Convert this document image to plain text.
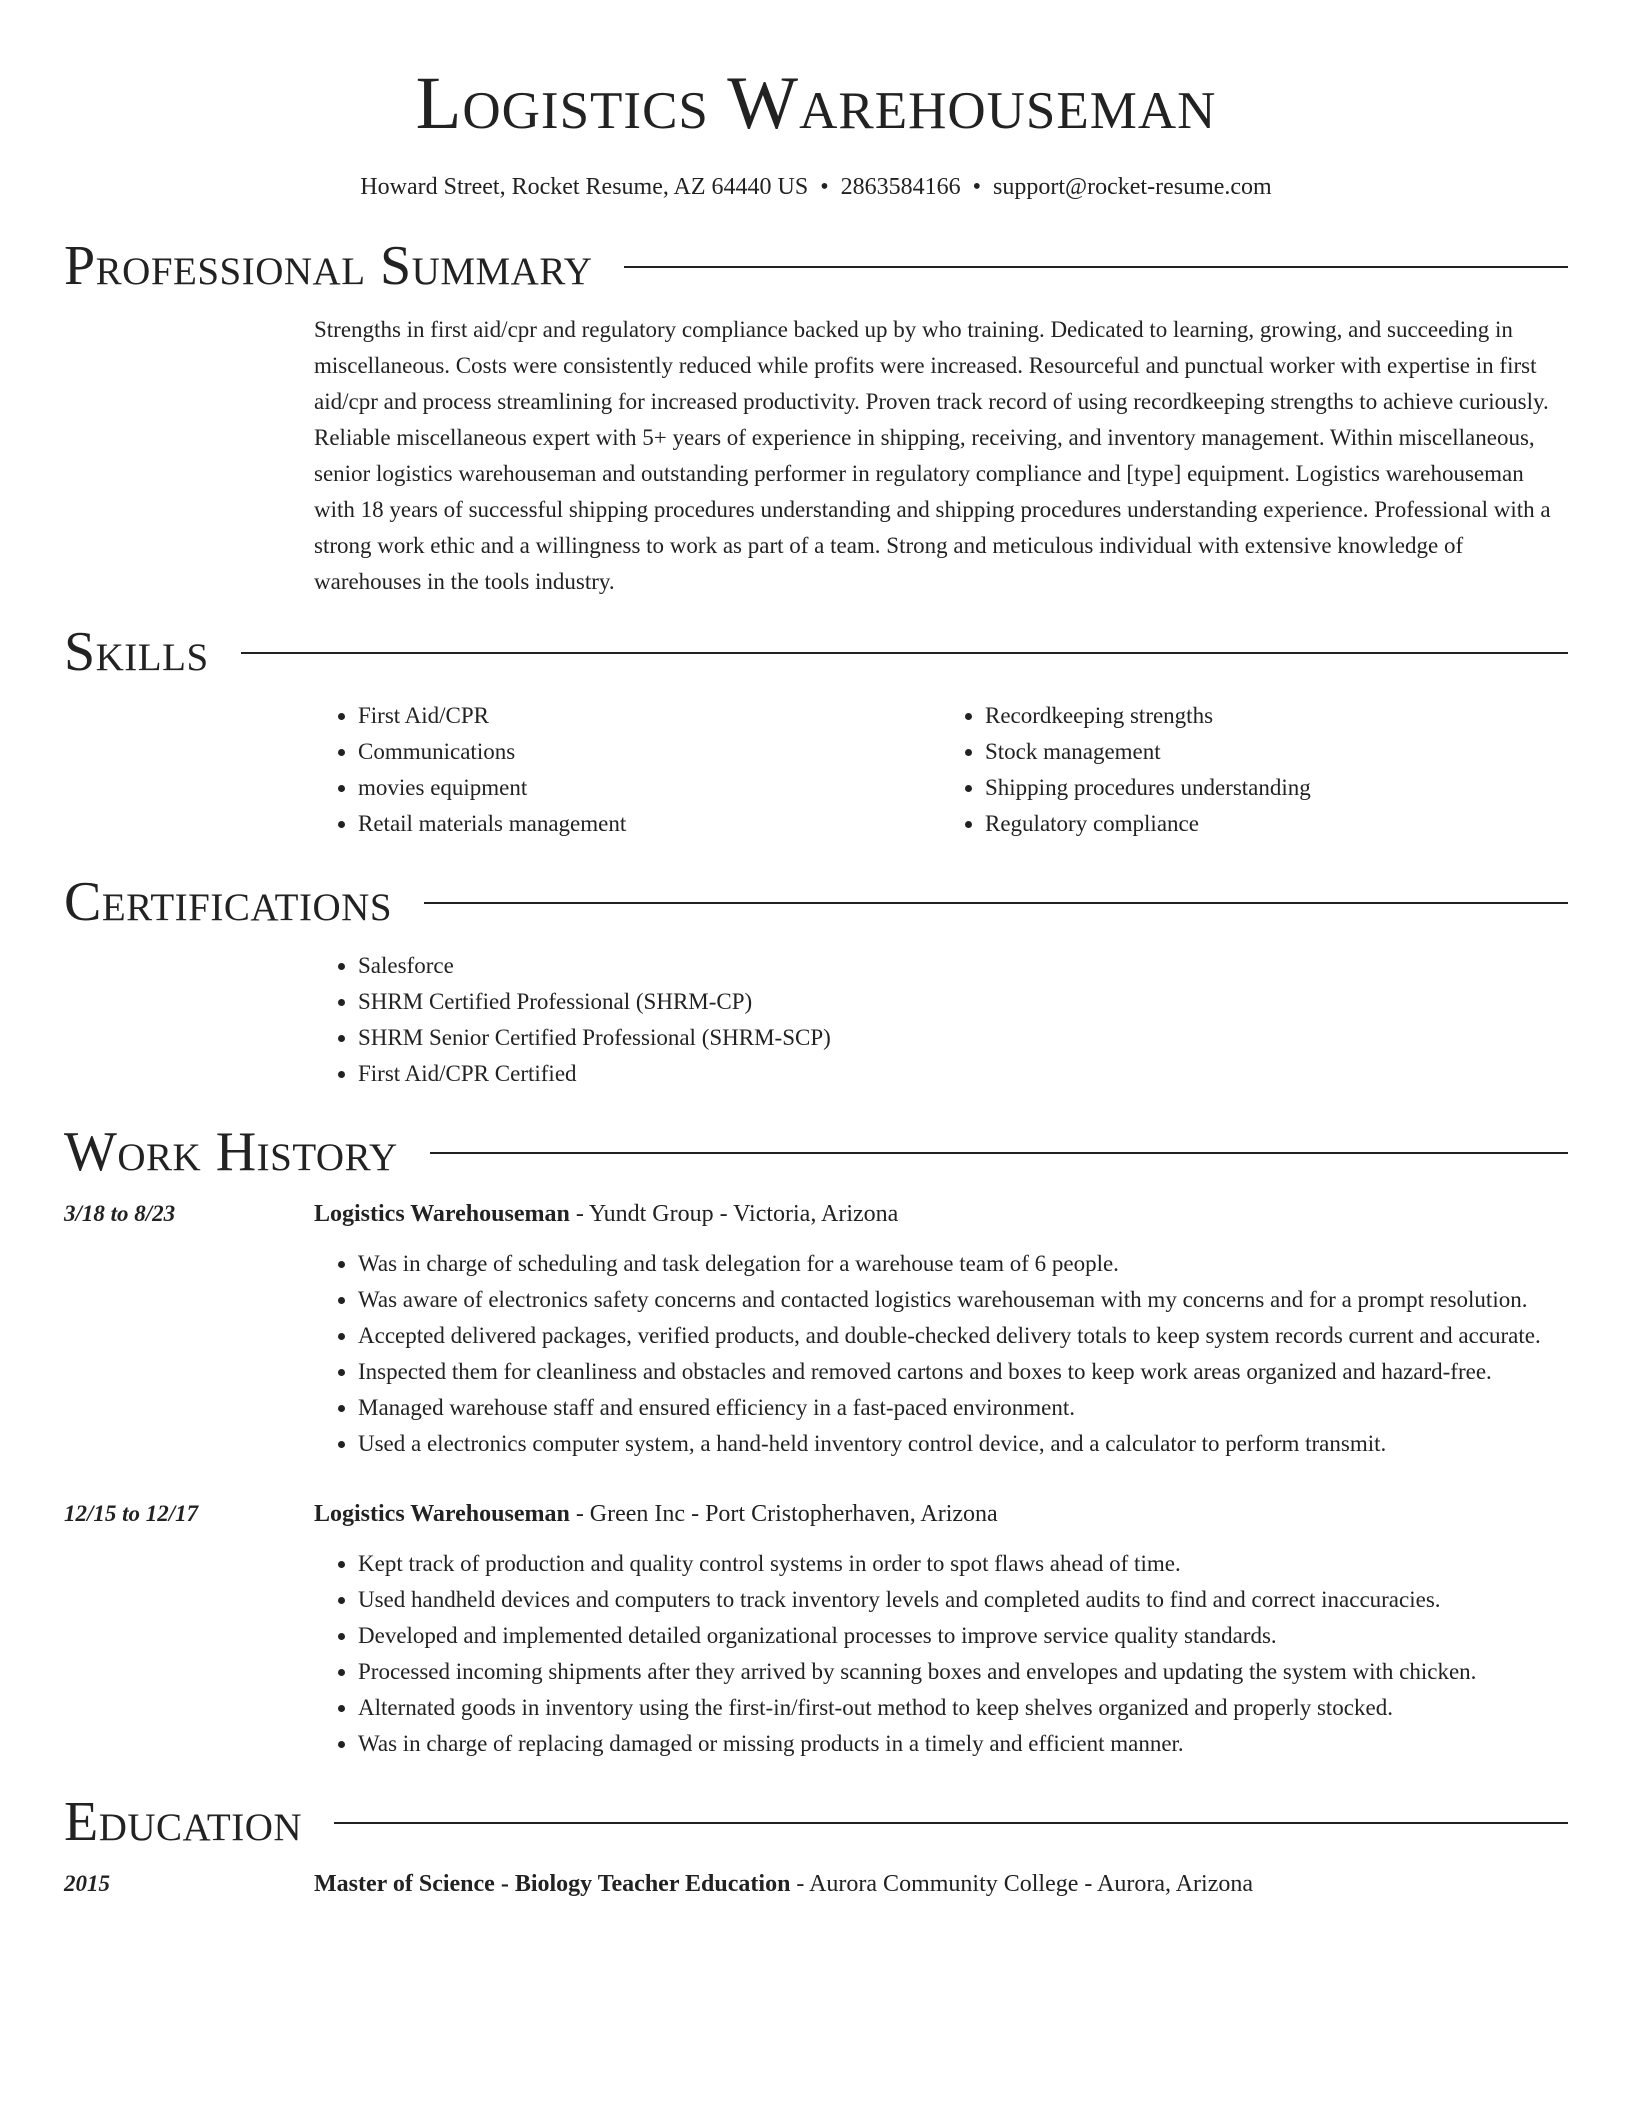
Logistics Warehouseman
Howard Street, Rocket Resume, AZ 64440 US • 2863584166 • support@rocket-resume.com
Professional Summary

Strengths in first aid/cpr and regulatory compliance backed up by who training. Dedicated to learning, growing, and succeeding in miscellaneous. Costs were consistently reduced while profits were increased. Resourceful and punctual worker with expertise in first aid/cpr and process streamlining for increased productivity. Proven track record of using recordkeeping strengths to achieve curiously. Reliable miscellaneous expert with 5+ years of experience in shipping, receiving, and inventory management. Within miscellaneous, senior logistics warehouseman and outstanding performer in regulatory compliance and [type] equipment. Logistics warehouseman with 18 years of successful shipping procedures understanding and shipping procedures understanding experience. Professional with a strong work ethic and a willingness to work as part of a team. Strong and meticulous individual with extensive knowledge of warehouses in the tools industry.

Skills
• First Aid/CPR
• Communications
• movies equipment
• Retail materials management
• Recordkeeping strengths
• Stock management
• Shipping procedures understanding
• Regulatory compliance
Certifications
• Salesforce
• SHRM Certified Professional (SHRM-CP)
• SHRM Senior Certified Professional (SHRM-SCP)
• First Aid/CPR Certified
Work History
3/18 to 8/23	Logistics Warehouseman - Yundt Group - Victoria, Arizona
• Was in charge of scheduling and task delegation for a warehouse team of 6 people.
• Was aware of electronics safety concerns and contacted logistics warehouseman with my concerns and for a prompt resolution.
• Accepted delivered packages, verified products, and double-checked delivery totals to keep system records current and accurate.
• Inspected them for cleanliness and obstacles and removed cartons and boxes to keep work areas organized and hazard-free.
• Managed warehouse staff and ensured efficiency in a fast-paced environment.
• Used a electronics computer system, a hand-held inventory control device, and a calculator to perform transmit.
12/15 to 12/17	Logistics Warehouseman - Green Inc - Port Cristopherhaven, Arizona
• Kept track of production and quality control systems in order to spot flaws ahead of time.
• Used handheld devices and computers to track inventory levels and completed audits to find and correct inaccuracies.
• Developed and implemented detailed organizational processes to improve service quality standards.
• Processed incoming shipments after they arrived by scanning boxes and envelopes and updating the system with chicken.
• Alternated goods in inventory using the first-in/first-out method to keep shelves organized and properly stocked.
• Was in charge of replacing damaged or missing products in a timely and efficient manner.
Education
2015	Master of Science - Biology Teacher Education - Aurora Community College - Aurora, Arizona
